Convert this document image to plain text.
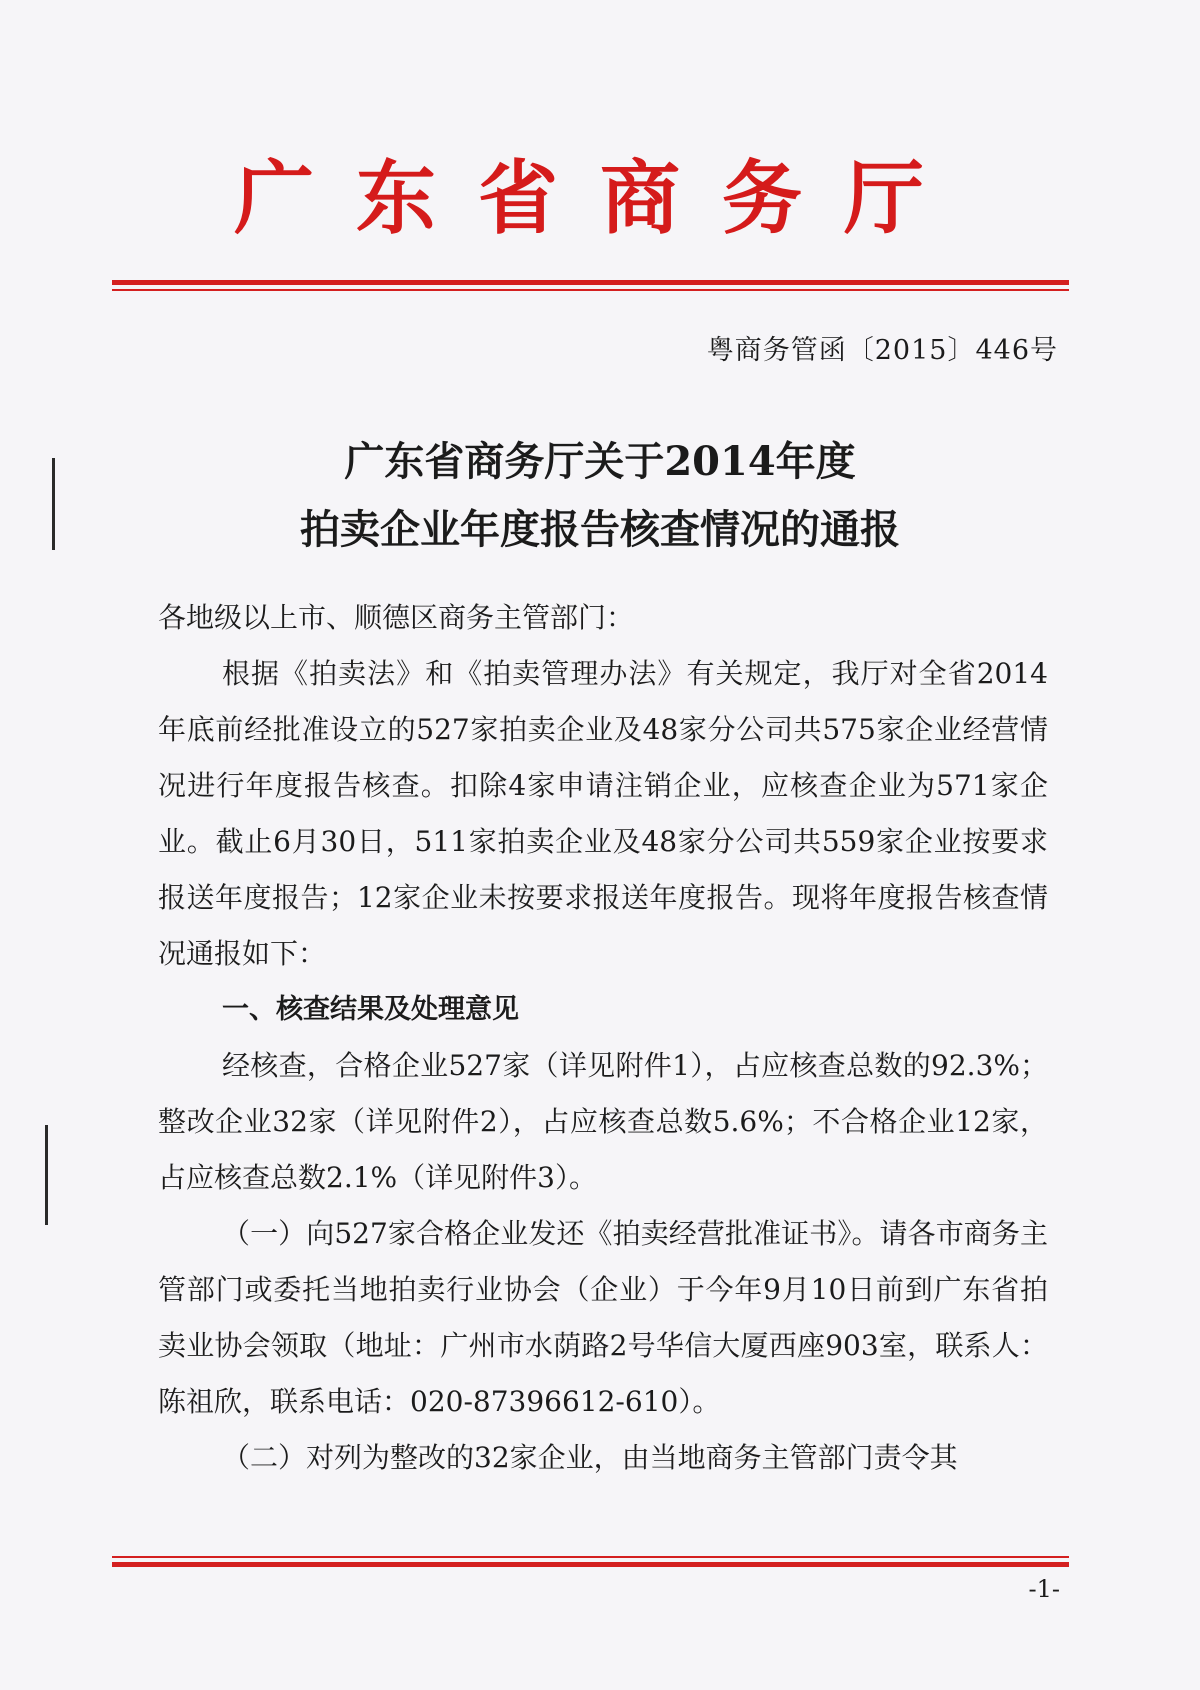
广东省商务厅
粤商务管函〔2015〕446号
广东省商务厅关于2014年度
拍卖企业年度报告核查情况的通报

各地级以上市、顺德区商务主管部门：

根据《拍卖法》和《拍卖管理办法》有关规定，我厅对全省2014年底前经批准设立的527家拍卖企业及48家分公司共575家企业经营情况进行年度报告核查。扣除4家申请注销企业，应核查企业为571家企业。截止6月30日，511家拍卖企业及48家分公司共559家企业按要求报送年度报告；12家企业未按要求报送年度报告。现将年度报告核查情况通报如下：

一、核查结果及处理意见

经核查，合格企业527家（详见附件1），占应核查总数的92.3%；整改企业32家（详见附件2），占应核查总数5.6%；不合格企业12家，占应核查总数2.1%（详见附件3）。

（一）向527家合格企业发还《拍卖经营批准证书》。请各市商务主管部门或委托当地拍卖行业协会（企业）于今年9月10日前到广东省拍卖业协会领取（地址：广州市水荫路2号华信大厦西座903室，联系人：陈祖欣，联系电话：020-87396612-610）。

（二）对列为整改的32家企业，由当地商务主管部门责令其

-1-
